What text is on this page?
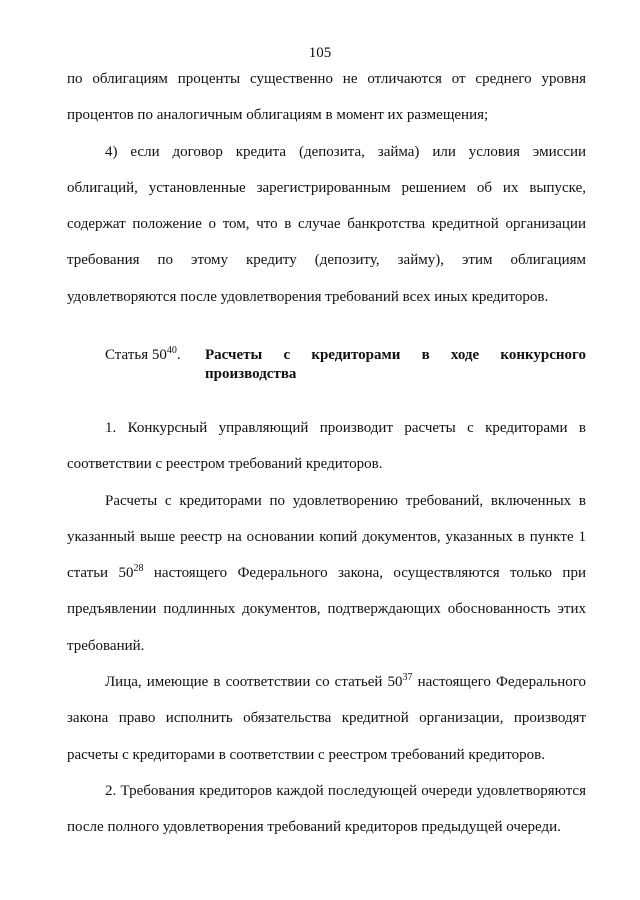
105

по облигациям проценты существенно не отличаются от среднего уровня процентов по аналогичным облигациям в момент их размещения;

4) если договор кредита (депозита, займа) или условия эмиссии облигаций, установленные зарегистрированным решением об их выпуске, содержат положение о том, что в случае банкротства кредитной организации требования по этому кредиту (депозиту, займу), этим облигациям удовлетворяются после удовлетворения требований всех иных кредиторов.

Статья $50^{40}$. Расчеты с кредиторами в ходе конкурсного
производства

1. Конкурсный управляющий производит расчеты с кредиторами в соответствии с реестром требований кредиторов.

Расчеты с кредиторами по удовлетворению требований, включенных в указанный выше реестр на основании копий документов, указанных в пункте 1 статьи $50^{28}$ настоящего Федерального закона, осуществляются только при предъявлении подлинных документов, подтверждающих обоснованность этих требований.

Лица, имеющие в соответствии со статьей $50^{37}$ настоящего Федерального закона право исполнить обязательства кредитной организации, производят расчеты с кредиторами в соответствии с реестром требований кредиторов.

2. Требования кредиторов каждой последующей очереди удовлетворяются после полного удовлетворения требований кредиторов предыдущей очереди.
